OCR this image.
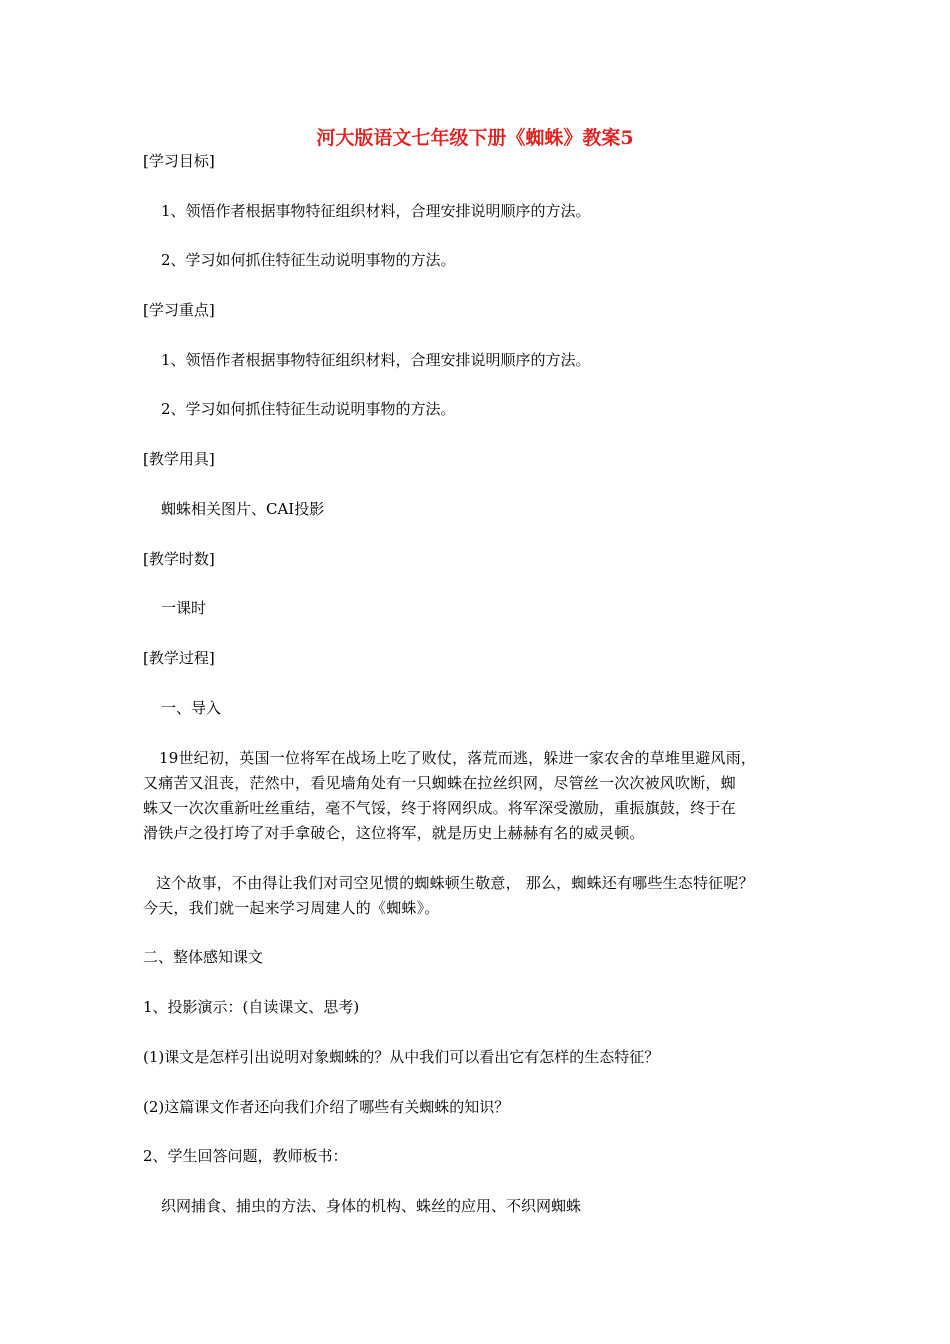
河大版语文七年级下册《蜘蛛》教案5
[学习目标]
1、领悟作者根据事物特征组织材料，合理安排说明顺序的方法。
2、学习如何抓住特征生动说明事物的方法。
[学习重点]
1、领悟作者根据事物特征组织材料，合理安排说明顺序的方法。
2、学习如何抓住特征生动说明事物的方法。
[教学用具]
蜘蛛相关图片、CAI投影
[教学时数]
一课时
[教学过程]
一、导入
19世纪初，英国一位将军在战场上吃了败仗，落荒而逃，躲进一家农舍的草堆里避风雨，
又痛苦又沮丧，茫然中，看见墙角处有一只蜘蛛在拉丝织网，尽管丝一次次被风吹断，蜘
蛛又一次次重新吐丝重结，毫不气馁，终于将网织成。将军深受激励，重振旗鼓，终于在
滑铁卢之役打垮了对手拿破仑，这位将军，就是历史上赫赫有名的威灵顿。
这个故事，不由得让我们对司空见惯的蜘蛛顿生敬意， 那么，蜘蛛还有哪些生态特征呢？
今天，我们就一起来学习周建人的《蜘蛛》。
二、整体感知课文
1、投影演示：(自读课文、思考)
(1)课文是怎样引出说明对象蜘蛛的？从中我们可以看出它有怎样的生态特征？
(2)这篇课文作者还向我们介绍了哪些有关蜘蛛的知识？
2、学生回答问题，教师板书：
织网捕食、捕虫的方法、身体的机构、蛛丝的应用、不织网蜘蛛
